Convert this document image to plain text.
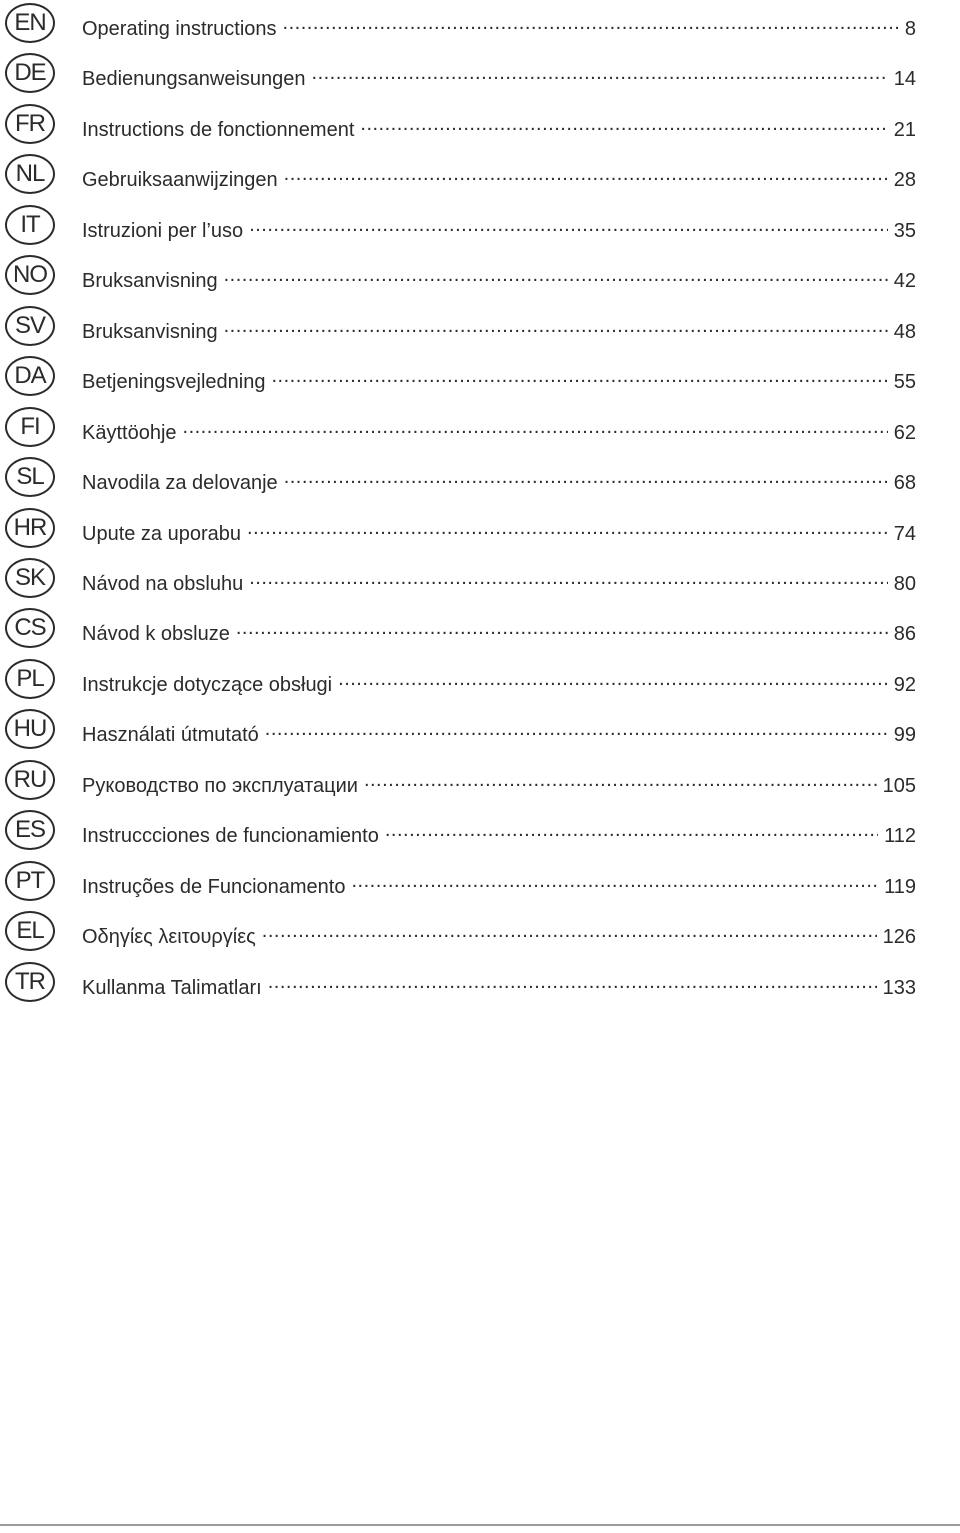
EN	Operating instructions .....	8
DE	Bedienungsanweisungen .....	14
FR	Instructions de fonctionnement .....	21
NL	Gebruiksaanwijzingen .....	28
IT	Istruzioni per l’uso .....	35
NO	Bruksanvisning .....	42
SV	Bruksanvisning .....	48
DA	Betjeningsvejledning .....	55
FI	Käyttöohje .....	62
SL	Navodila za delovanje .....	68
HR	Upute za uporabu .....	74
SK	Návod na obsluhu .....	80
CS	Návod k obsluze .....	86
PL	Instrukcje dotyczące obsługi .....	92
HU	Használati útmutató .....	99
RU	Руководство по эксплуатации .....	105
ES	Instruccciones de funcionamiento .....	112
PT	Instruções de Funcionamento .....	119
EL	Οδηγίες λειτουργίες .....	126
TR	Kullanma Talimatları .....	133
